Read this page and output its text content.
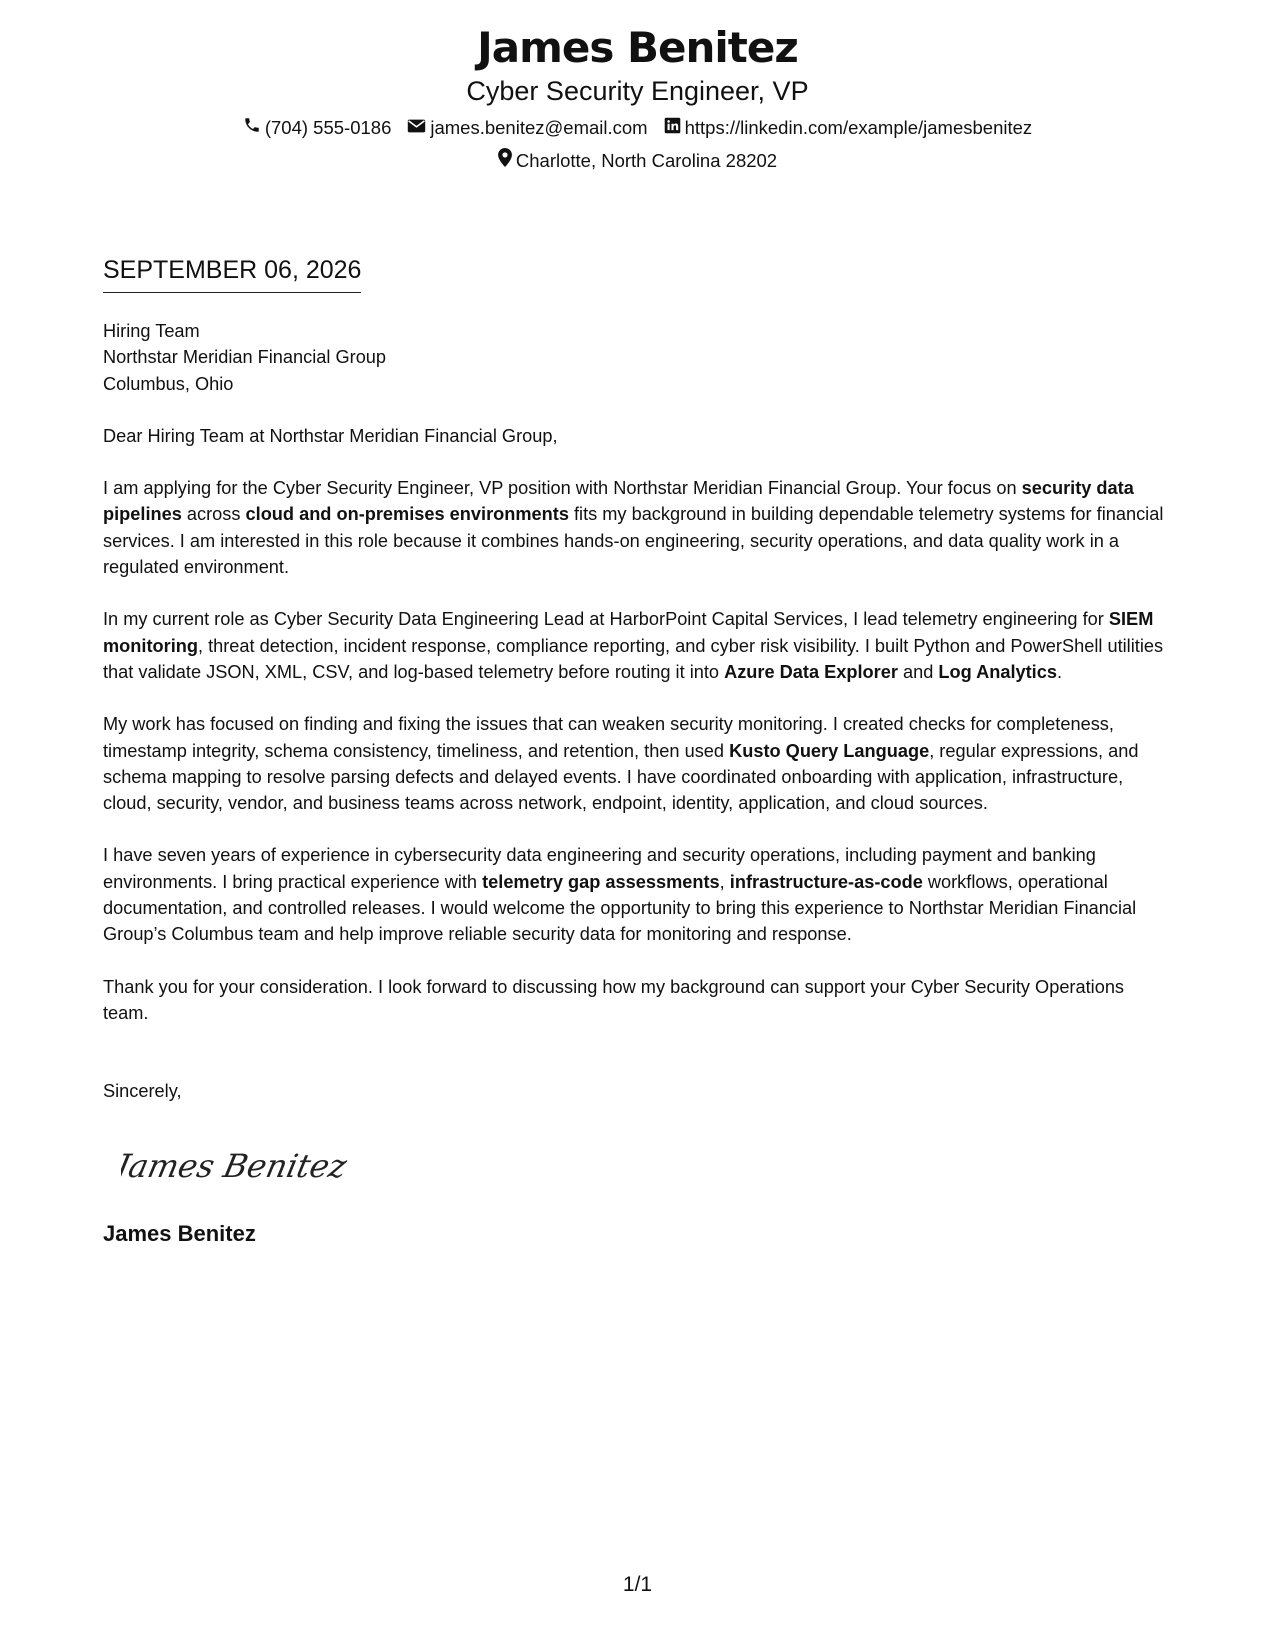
James Benitez
Cyber Security Engineer, VP
(704) 555-0186 james.benitez@email.com https://linkedin.com/example/jamesbenitez
Charlotte, North Carolina 28202
SEPTEMBER 06, 2026

Hiring Team

Northstar Meridian Financial Group

Columbus, Ohio

Dear Hiring Team at Northstar Meridian Financial Group,

I am applying for the Cyber Security Engineer, VP position with Northstar Meridian Financial Group. Your focus on security data pipelines across cloud and on-premises environments fits my background in building dependable telemetry systems for financial services. I am interested in this role because it combines hands-on engineering, security operations, and data quality work in a regulated environment.

In my current role as Cyber Security Data Engineering Lead at HarborPoint Capital Services, I lead telemetry engineering for SIEM monitoring, threat detection, incident response, compliance reporting, and cyber risk visibility. I built Python and PowerShell utilities that validate JSON, XML, CSV, and log-based telemetry before routing it into Azure Data Explorer and Log Analytics.

My work has focused on finding and fixing the issues that can weaken security monitoring. I created checks for completeness, timestamp integrity, schema consistency, timeliness, and retention, then used Kusto Query Language, regular expressions, and schema mapping to resolve parsing defects and delayed events. I have coordinated onboarding with application, infrastructure, cloud, security, vendor, and business teams across network, endpoint, identity, application, and cloud sources.

I have seven years of experience in cybersecurity data engineering and security operations, including payment and banking environments. I bring practical experience with telemetry gap assessments, infrastructure-as-code workflows, operational documentation, and controlled releases. I would welcome the opportunity to bring this experience to Northstar Meridian Financial Group’s Columbus team and help improve reliable security data for monitoring and response.

Thank you for your consideration. I look forward to discussing how my background can support your Cyber Security Operations team.

Sincerely,

James Benitez
James Benitez
1/1
